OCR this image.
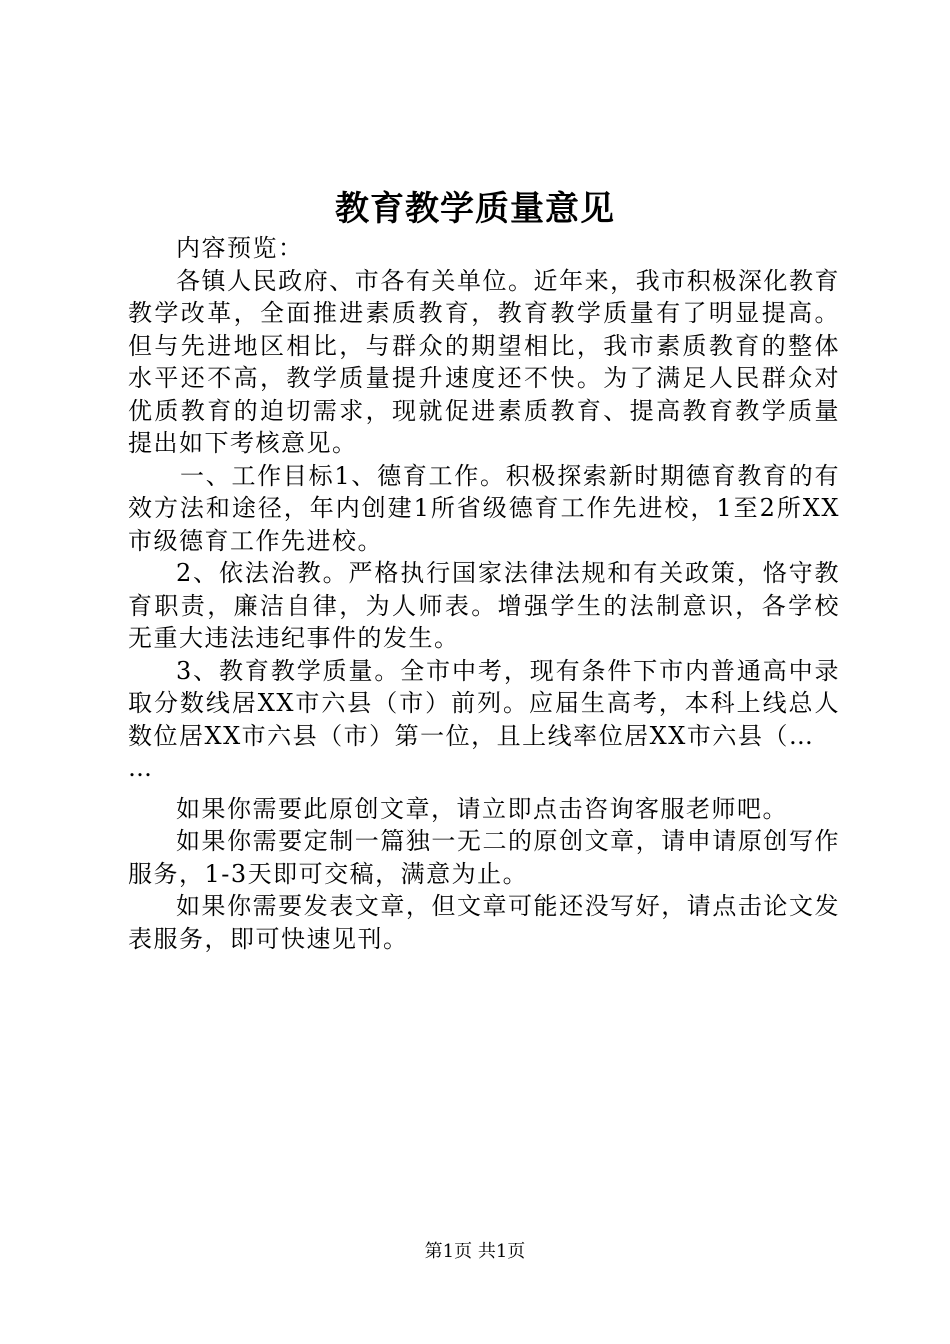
教育教学质量意见

内容预览：

各镇人民政府、市各有关单位。近年来，我市积极深化教育教学改革，全面推进素质教育，教育教学质量有了明显提高。但与先进地区相比，与群众的期望相比，我市素质教育的整体水平还不高，教学质量提升速度还不快。为了满足人民群众对优质教育的迫切需求，现就促进素质教育、提高教育教学质量提出如下考核意见。

一、工作目标1、德育工作。积极探索新时期德育教育的有效方法和途径，年内创建1所省级德育工作先进校，1至2所XX市级德育工作先进校。

2、依法治教。严格执行国家法律法规和有关政策，恪守教育职责，廉洁自律，为人师表。增强学生的法制意识，各学校无重大违法违纪事件的发生。

3、教育教学质量。全市中考，现有条件下市内普通高中录取分数线居XX市六县（市）前列。应届生高考，本科上线总人数位居XX市六县（市）第一位，且上线率位居XX市六县（…

…

如果你需要此原创文章，请立即点击咨询客服老师吧。

如果你需要定制一篇独一无二的原创文章，请申请原创写作服务，1-3天即可交稿，满意为止。

如果你需要发表文章，但文章可能还没写好，请点击论文发表服务，即可快速见刊。

第1页 共1页
